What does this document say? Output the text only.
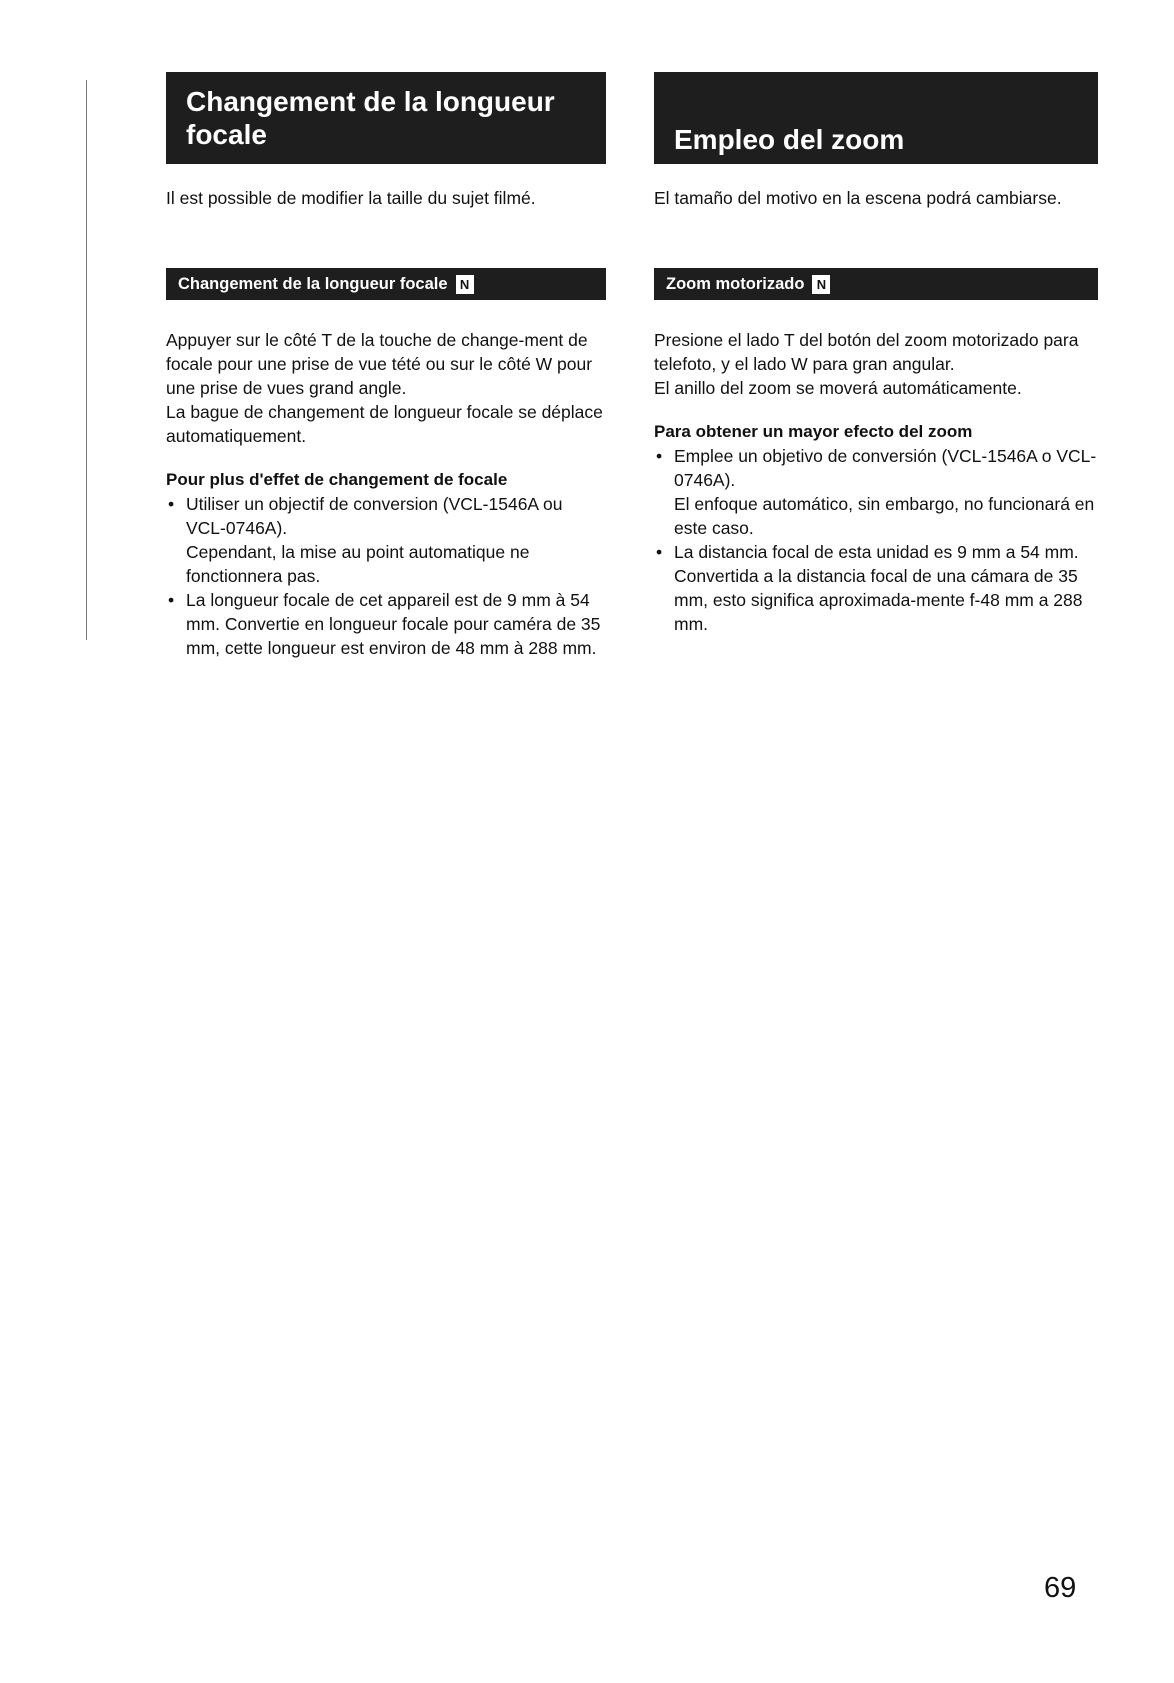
Changement de la longueur
focale
Il est possible de modifier la taille du sujet filmé.
Changement de la longueur focale N

Appuyer sur le côté T de la touche de change-ment de focale pour une prise de vue tété ou sur le côté W pour une prise de vues grand angle.

La bague de changement de longueur focale se déplace automatiquement.

Pour plus d'effet de changement de focale
• Utiliser un objectif de conversion (VCL-1546A ou VCL-0746A).

Cependant, la mise au point automatique ne fonctionnera pas.

• La longueur focale de cet appareil est de 9 mm à 54 mm. Convertie en longueur focale pour caméra de 35 mm, cette longueur est environ de 48 mm à 288 mm.

Empleo del zoom
El tamaño del motivo en la escena podrá cambiarse.
Zoom motorizado N

Presione el lado T del botón del zoom motorizado para telefoto, y el lado W para gran angular.

El anillo del zoom se moverá automáticamente.

Para obtener un mayor efecto del zoom
• Emplee un objetivo de conversión (VCL-1546A o VCL-0746A).

El enfoque automático, sin embargo, no funcionará en este caso.

• La distancia focal de esta unidad es 9 mm a 54 mm. Convertida a la distancia focal de una cámara de 35 mm, esto significa aproximada-mente f-48 mm a 288 mm.

69
